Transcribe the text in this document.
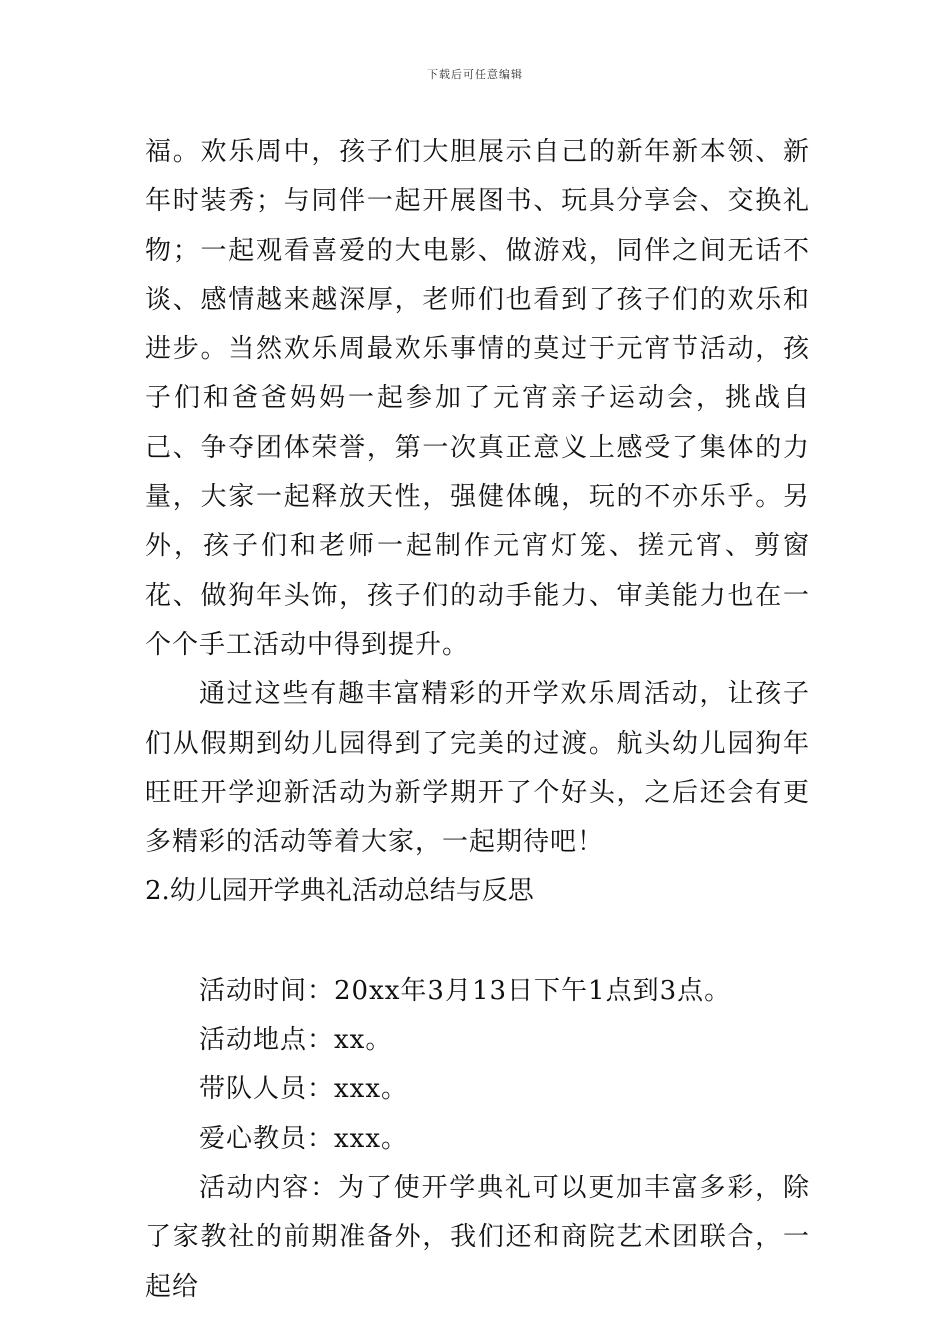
下载后可任意编辑

福。欢乐周中，孩子们大胆展示自己的新年新本领、新年时装秀；与同伴一起开展图书、玩具分享会、交换礼物；一起观看喜爱的大电影、做游戏，同伴之间无话不谈、感情越来越深厚，老师们也看到了孩子们的欢乐和进步。当然欢乐周最欢乐事情的莫过于元宵节活动，孩子们和爸爸妈妈一起参加了元宵亲子运动会，挑战自己、争夺团体荣誉，第一次真正意义上感受了集体的力量，大家一起释放天性，强健体魄，玩的不亦乐乎。另外，孩子们和老师一起制作元宵灯笼、搓元宵、剪窗花、做狗年头饰，孩子们的动手能力、审美能力也在一个个手工活动中得到提升。

通过这些有趣丰富精彩的开学欢乐周活动，让孩子们从假期到幼儿园得到了完美的过渡。航头幼儿园狗年旺旺开学迎新活动为新学期开了个好头，之后还会有更多精彩的活动等着大家，一起期待吧！

2.幼儿园开学典礼活动总结与反思

活动时间：20xx年3月13日下午1点到3点。

活动地点：xx。

带队人员：xxx。

爱心教员：xxx。

活动内容：为了使开学典礼可以更加丰富多彩，除了家教社的前期准备外，我们还和商院艺术团联合，一起给
